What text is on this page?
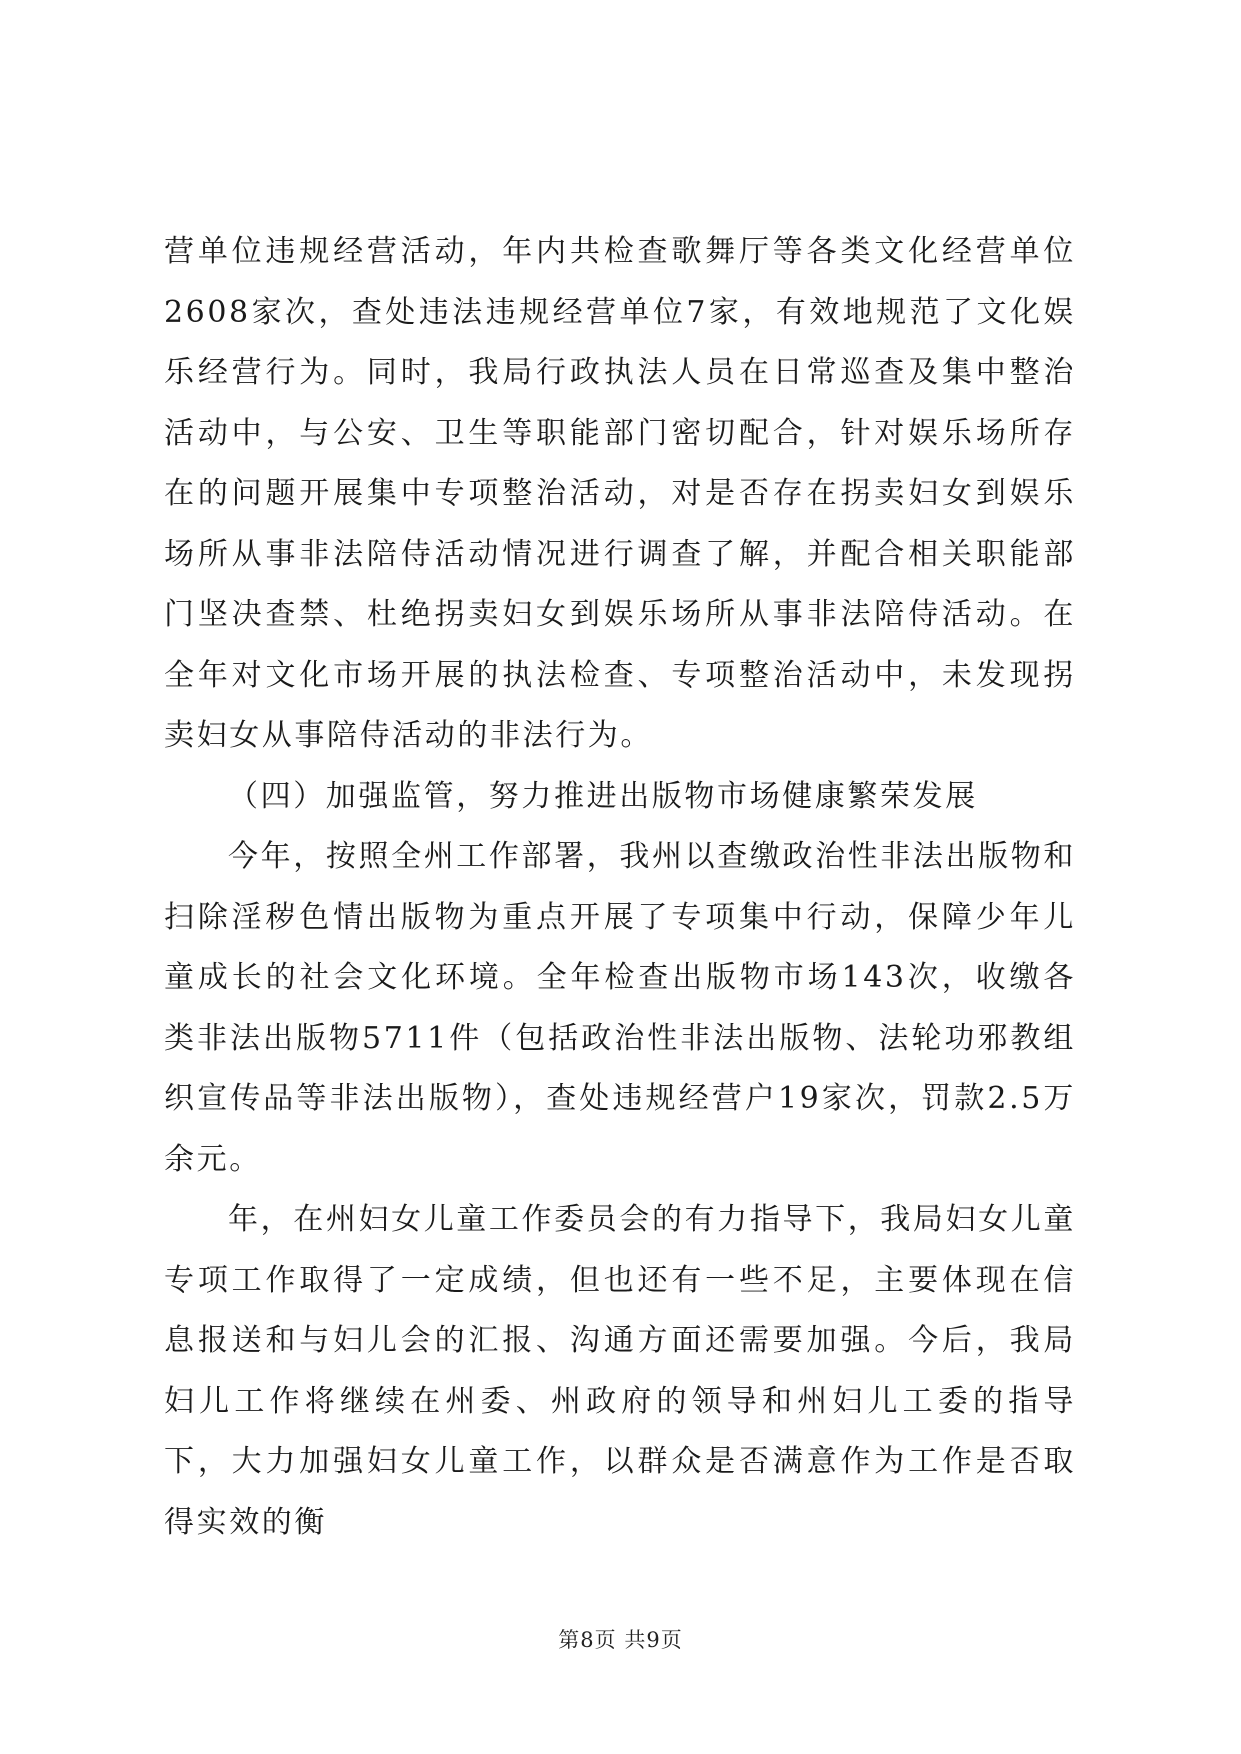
营单位违规经营活动，年内共检查歌舞厅等各类文化经营单位2608家次，查处违法违规经营单位7家，有效地规范了文化娱乐经营行为。同时，我局行政执法人员在日常巡查及集中整治活动中，与公安、卫生等职能部门密切配合，针对娱乐场所存在的问题开展集中专项整治活动，对是否存在拐卖妇女到娱乐场所从事非法陪侍活动情况进行调查了解，并配合相关职能部门坚决查禁、杜绝拐卖妇女到娱乐场所从事非法陪侍活动。在全年对文化市场开展的执法检查、专项整治活动中，未发现拐卖妇女从事陪侍活动的非法行为。

（四）加强监管，努力推进出版物市场健康繁荣发展

今年，按照全州工作部署，我州以查缴政治性非法出版物和扫除淫秽色情出版物为重点开展了专项集中行动，保障少年儿童成长的社会文化环境。全年检查出版物市场143次，收缴各类非法出版物5711件（包括政治性非法出版物、法轮功邪教组织宣传品等非法出版物），查处违规经营户19家次，罚款2.5万余元。

年，在州妇女儿童工作委员会的有力指导下，我局妇女儿童专项工作取得了一定成绩，但也还有一些不足，主要体现在信息报送和与妇儿会的汇报、沟通方面还需要加强。今后，我局妇儿工作将继续在州委、州政府的领导和州妇儿工委的指导下，大力加强妇女儿童工作，以群众是否满意作为工作是否取得实效的衡

第8页 共9页
